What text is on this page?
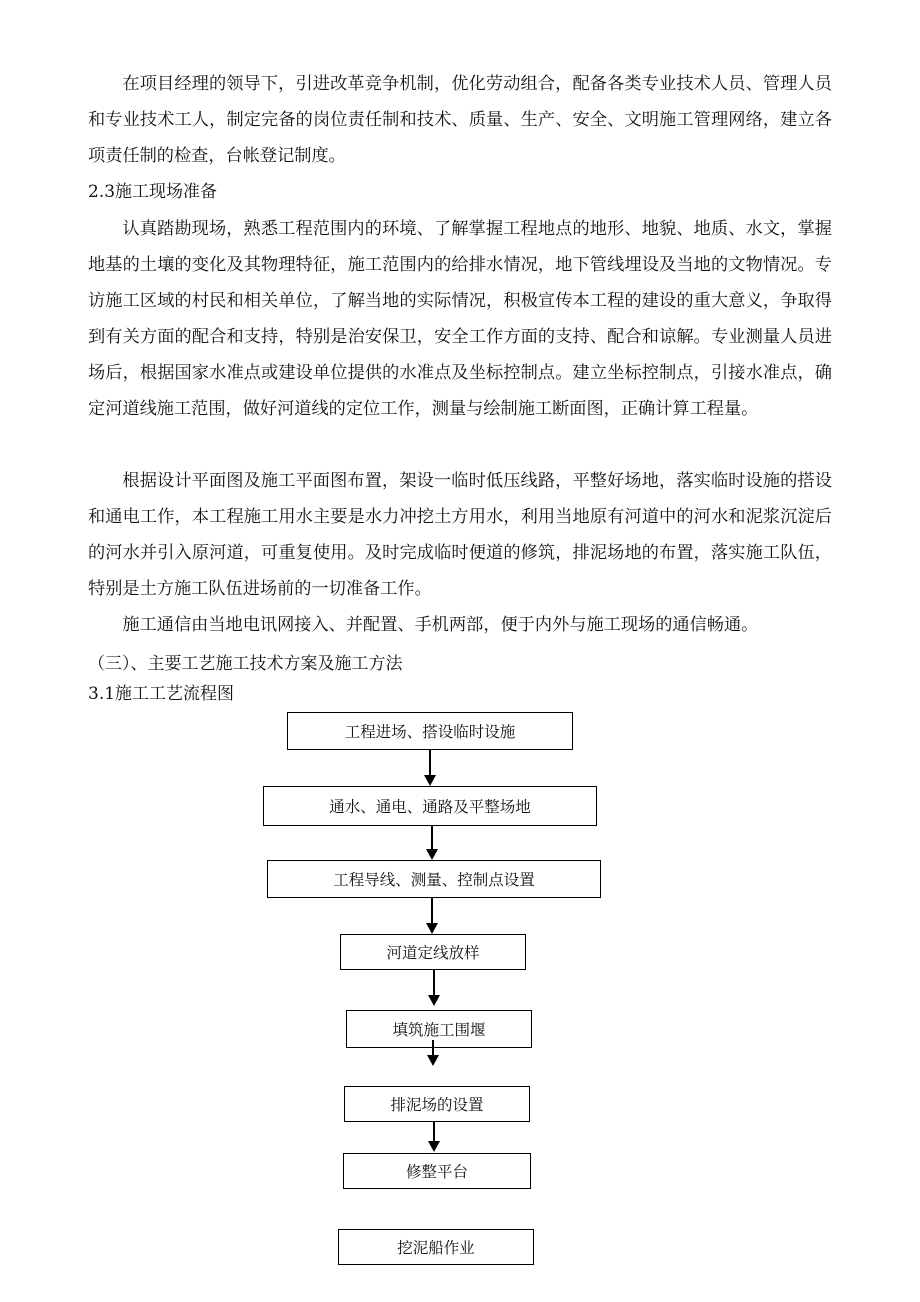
在项目经理的领导下，引进改革竞争机制，优化劳动组合，配备各类专业技术人员、管理人员和专业技术工人，制定完备的岗位责任制和技术、质量、生产、安全、文明施工管理网络，建立各项责任制的检查，台帐登记制度。

2.3施工现场准备

认真踏勘现场，熟悉工程范围内的环境、了解掌握工程地点的地形、地貌、地质、水文，掌握地基的土壤的变化及其物理特征，施工范围内的给排水情况，地下管线埋设及当地的文物情况。专访施工区域的村民和相关单位，了解当地的实际情况，积极宣传本工程的建设的重大意义，争取得到有关方面的配合和支持，特别是治安保卫，安全工作方面的支持、配合和谅解。专业测量人员进场后，根据国家水准点或建设单位提供的水准点及坐标控制点。建立坐标控制点，引接水准点，确定河道线施工范围，做好河道线的定位工作，测量与绘制施工断面图，正确计算工程量。

根据设计平面图及施工平面图布置，架设一临时低压线路，平整好场地，落实临时设施的搭设和通电工作，本工程施工用水主要是水力冲挖土方用水，利用当地原有河道中的河水和泥浆沉淀后的河水并引入原河道，可重复使用。及时完成临时便道的修筑，排泥场地的布置，落实施工队伍，特别是土方施工队伍进场前的一切准备工作。

施工通信由当地电讯网接入、并配置、手机两部，便于内外与施工现场的通信畅通。

（三）、主要工艺施工技术方案及施工方法

3.1施工工艺流程图

工程进场、搭设临时设施
通水、通电、通路及平整场地
工程导线、测量、控制点设置
河道定线放样
填筑施工围堰
排泥场的设置
修整平台
挖泥船作业
